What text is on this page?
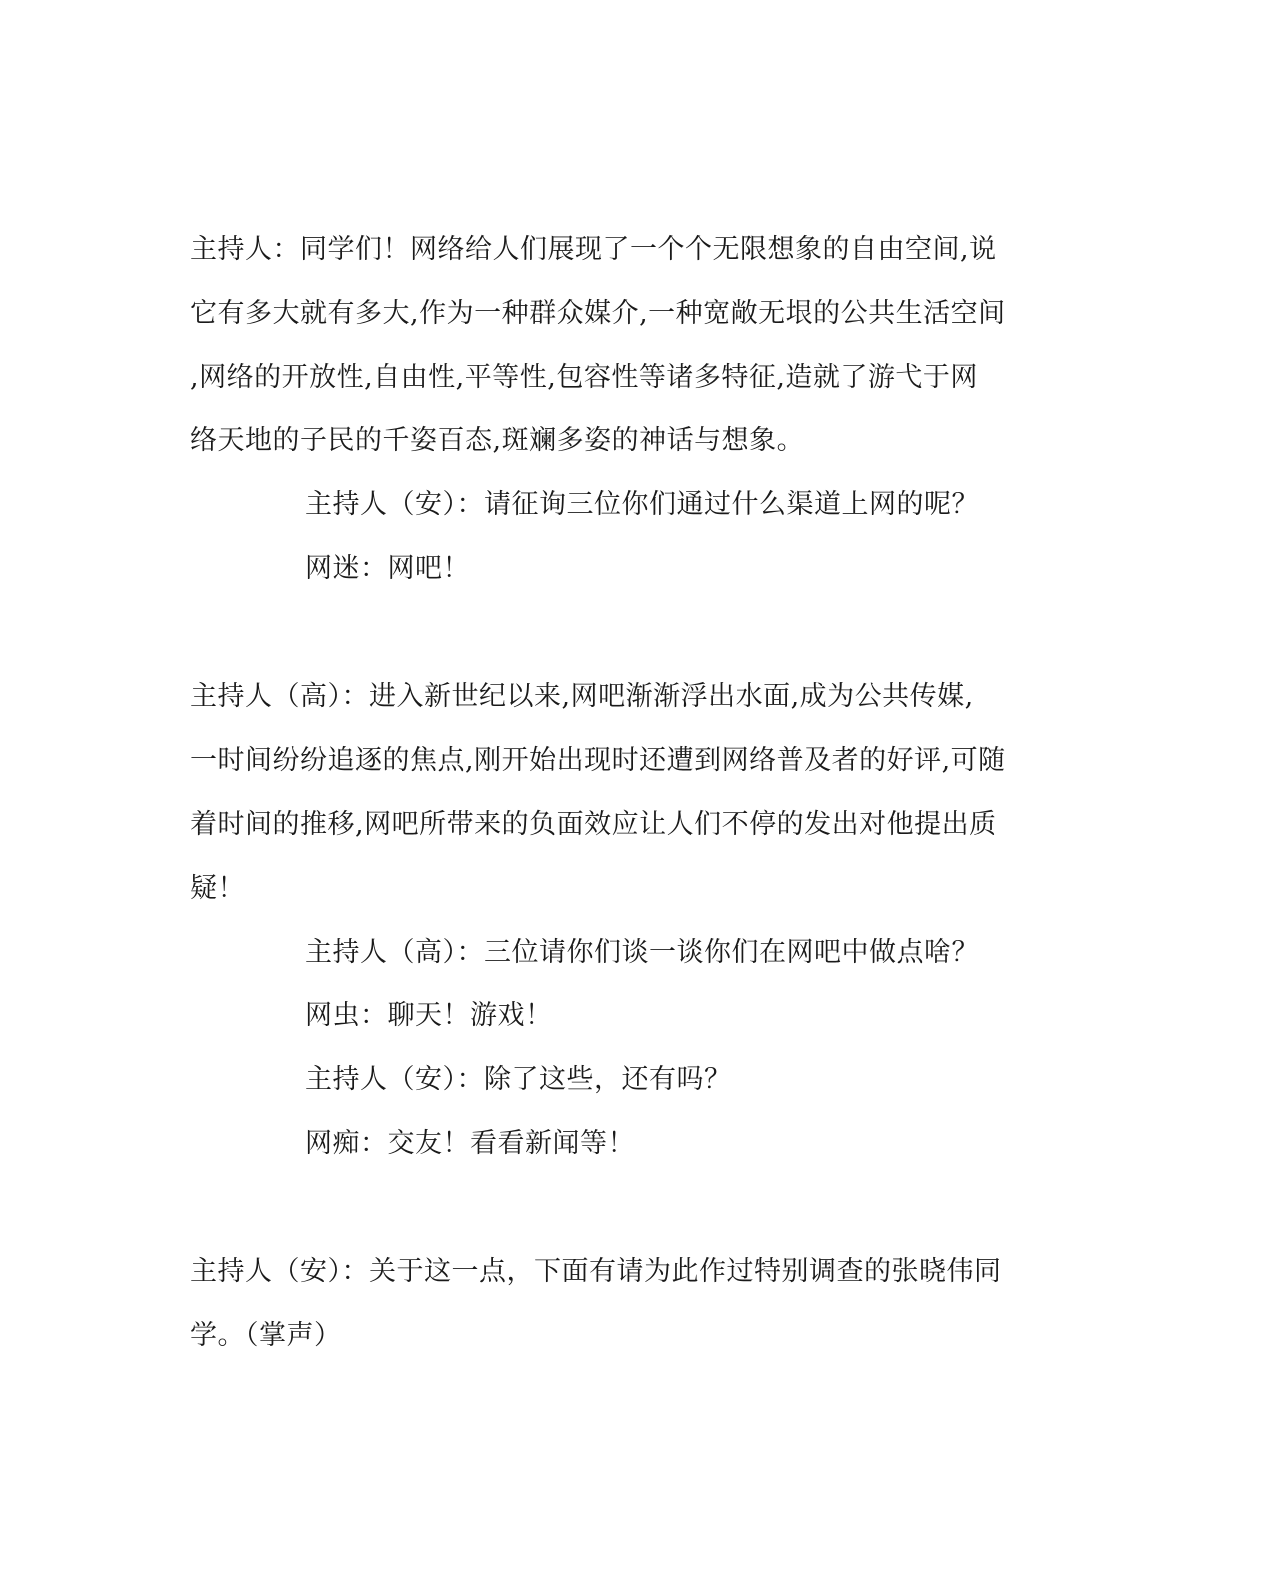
主持人：同学们！网络给人们展现了一个个无限想象的自由空间,说
它有多大就有多大,作为一种群众媒介,一种宽敞无垠的公共生活空间
,网络的开放性,自由性,平等性,包容性等诸多特征,造就了游弋于网
络天地的子民的千姿百态,斑斓多姿的神话与想象。
主持人（安）：请征询三位你们通过什么渠道上网的呢？
网迷：网吧！
主持人（高）：进入新世纪以来,网吧渐渐浮出水面,成为公共传媒,
一时间纷纷追逐的焦点,刚开始出现时还遭到网络普及者的好评,可随
着时间的推移,网吧所带来的负面效应让人们不停的发出对他提出质
疑！
主持人（高）：三位请你们谈一谈你们在网吧中做点啥？
网虫：聊天！游戏！
主持人（安）：除了这些，还有吗？
网痴：交友！看看新闻等！
主持人（安）：关于这一点，下面有请为此作过特别调查的张晓伟同
学。（掌声）
